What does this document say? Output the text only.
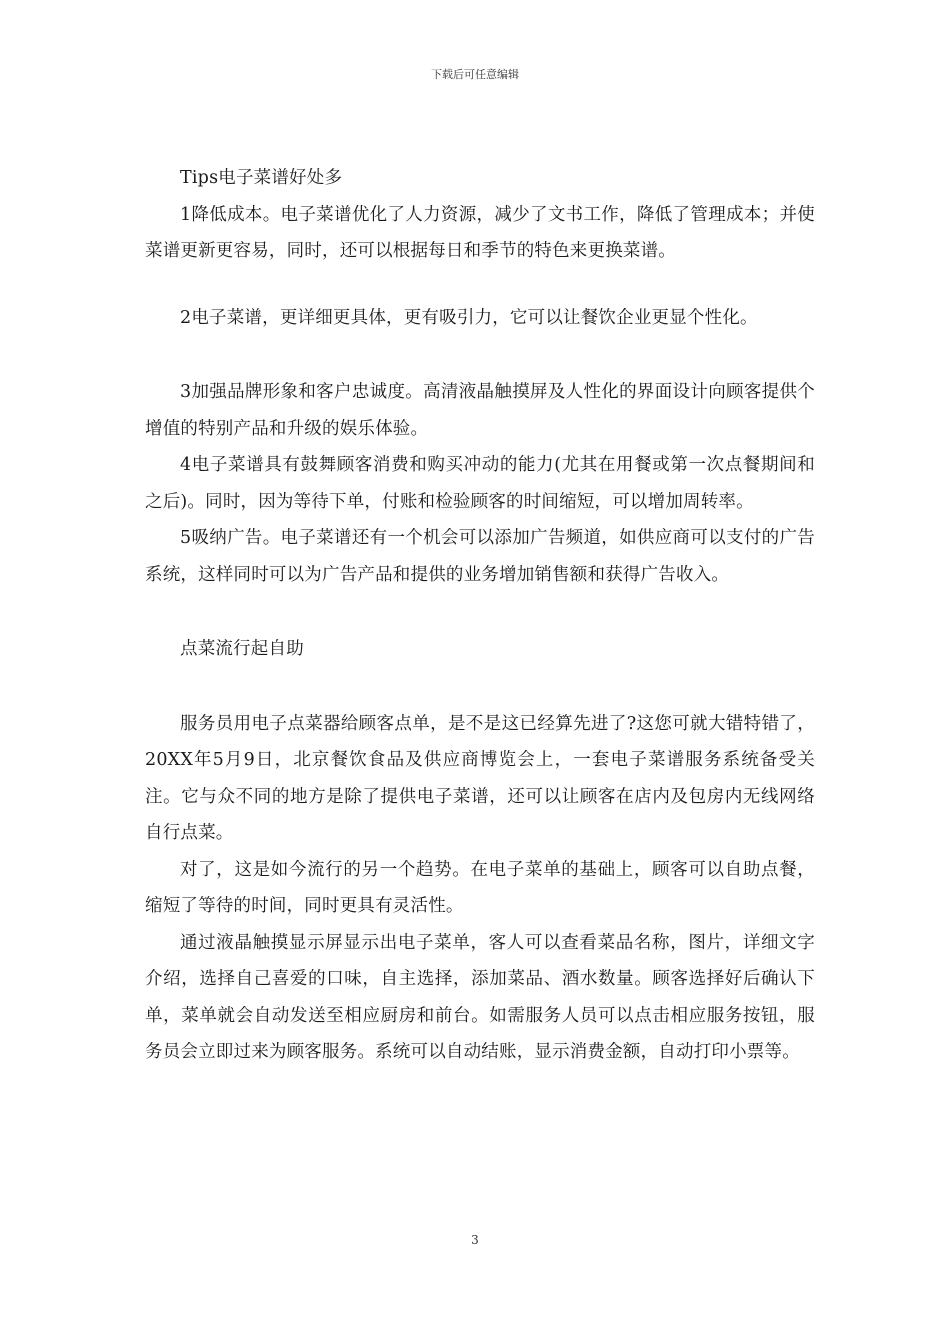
下载后可任意编辑

Tips电子菜谱好处多

1降低成本。电子菜谱优化了人力资源，减少了文书工作，降低了管理成本；并使菜谱更新更容易，同时，还可以根据每日和季节的特色来更换菜谱。

2电子菜谱，更详细更具体，更有吸引力，它可以让餐饮企业更显个性化。

3加强品牌形象和客户忠诚度。高清液晶触摸屏及人性化的界面设计向顾客提供个增值的特别产品和升级的娱乐体验。

4电子菜谱具有鼓舞顾客消费和购买冲动的能力(尤其在用餐或第一次点餐期间和之后)。同时，因为等待下单，付账和检验顾客的时间缩短，可以增加周转率。

5吸纳广告。电子菜谱还有一个机会可以添加广告频道，如供应商可以支付的广告系统，这样同时可以为广告产品和提供的业务增加销售额和获得广告收入。

点菜流行起自助

服务员用电子点菜器给顾客点单，是不是这已经算先进了?这您可就大错特错了，20XX年5月9日，北京餐饮食品及供应商博览会上，一套电子菜谱服务系统备受关注。它与众不同的地方是除了提供电子菜谱，还可以让顾客在店内及包房内无线网络自行点菜。

对了，这是如今流行的另一个趋势。在电子菜单的基础上，顾客可以自助点餐，缩短了等待的时间，同时更具有灵活性。

通过液晶触摸显示屏显示出电子菜单，客人可以查看菜品名称，图片，详细文字介绍，选择自己喜爱的口味，自主选择，添加菜品、酒水数量。顾客选择好后确认下单，菜单就会自动发送至相应厨房和前台。如需服务人员可以点击相应服务按钮，服务员会立即过来为顾客服务。系统可以自动结账，显示消费金额，自动打印小票等。

3
